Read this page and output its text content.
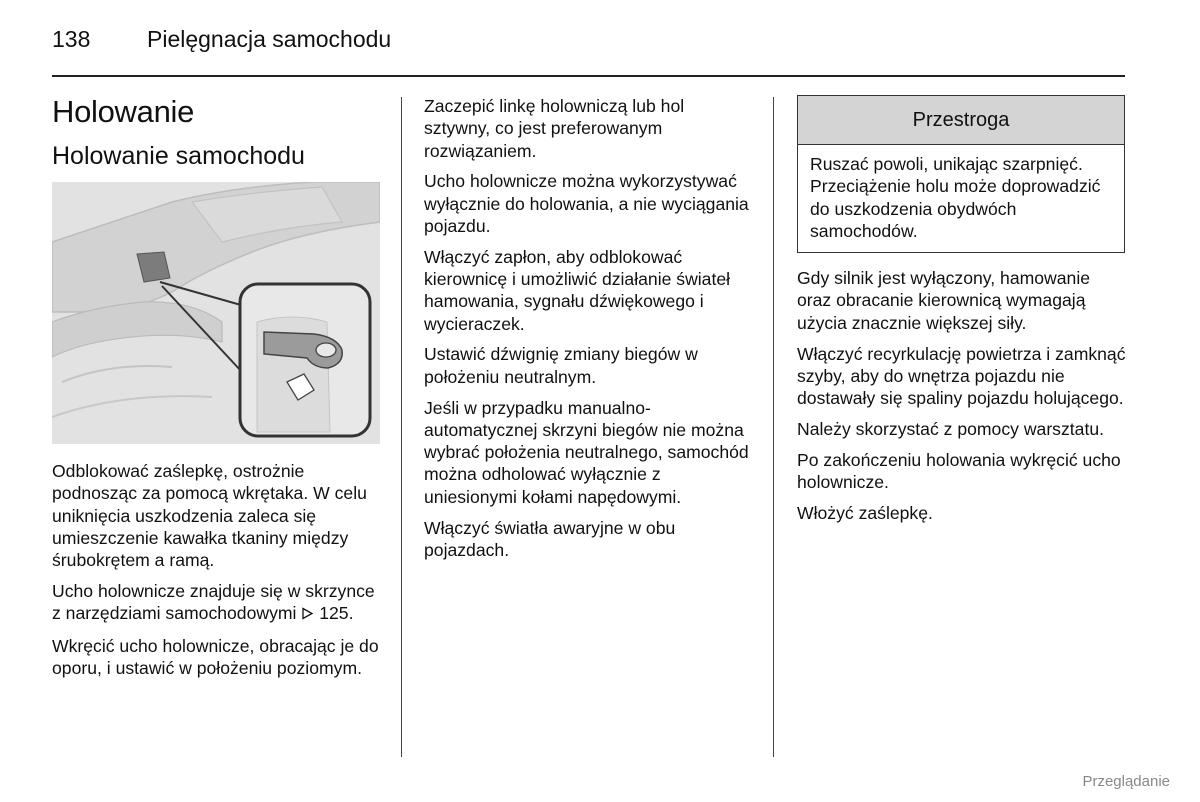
138 Pielęgnacja samochodu
Holowanie
Holowanie samochodu

Odblokować zaślepkę, ostrożnie podnosząc za pomocą wkrętaka. W celu uniknięcia uszkodzenia zaleca się umieszczenie kawałka tkaniny między śrubokrętem a ramą.

Ucho holownicze znajduje się w skrzynce z narzędziami samochodowymi 125.

Wkręcić ucho holownicze, obracając je do oporu, i ustawić w położeniu poziomym.

Zaczepić linkę holowniczą lub hol sztywny, co jest preferowanym rozwiązaniem.

Ucho holownicze można wykorzystywać wyłącznie do holowania, a nie wyciągania pojazdu.

Włączyć zapłon, aby odblokować kierownicę i umożliwić działanie świateł hamowania, sygnału dźwiękowego i wycieraczek.

Ustawić dźwignię zmiany biegów w położeniu neutralnym.

Jeśli w przypadku manualno-automatycznej skrzyni biegów nie można wybrać położenia neutralnego, samochód można odholować wyłącznie z uniesionymi kołami napędowymi.

Włączyć światła awaryjne w obu pojazdach.

Przestroga
Ruszać powoli, unikając szarpnięć. Przeciążenie holu może doprowadzić do uszkodzenia obydwóch samochodów.

Gdy silnik jest wyłączony, hamowanie oraz obracanie kierownicą wymagają użycia znacznie większej siły.

Włączyć recyrkulację powietrza i zamknąć szyby, aby do wnętrza pojazdu nie dostawały się spaliny pojazdu holującego.

Należy skorzystać z pomocy warsztatu.

Po zakończeniu holowania wykręcić ucho holownicze.

Włożyć zaślepkę.

Przeglądanie
